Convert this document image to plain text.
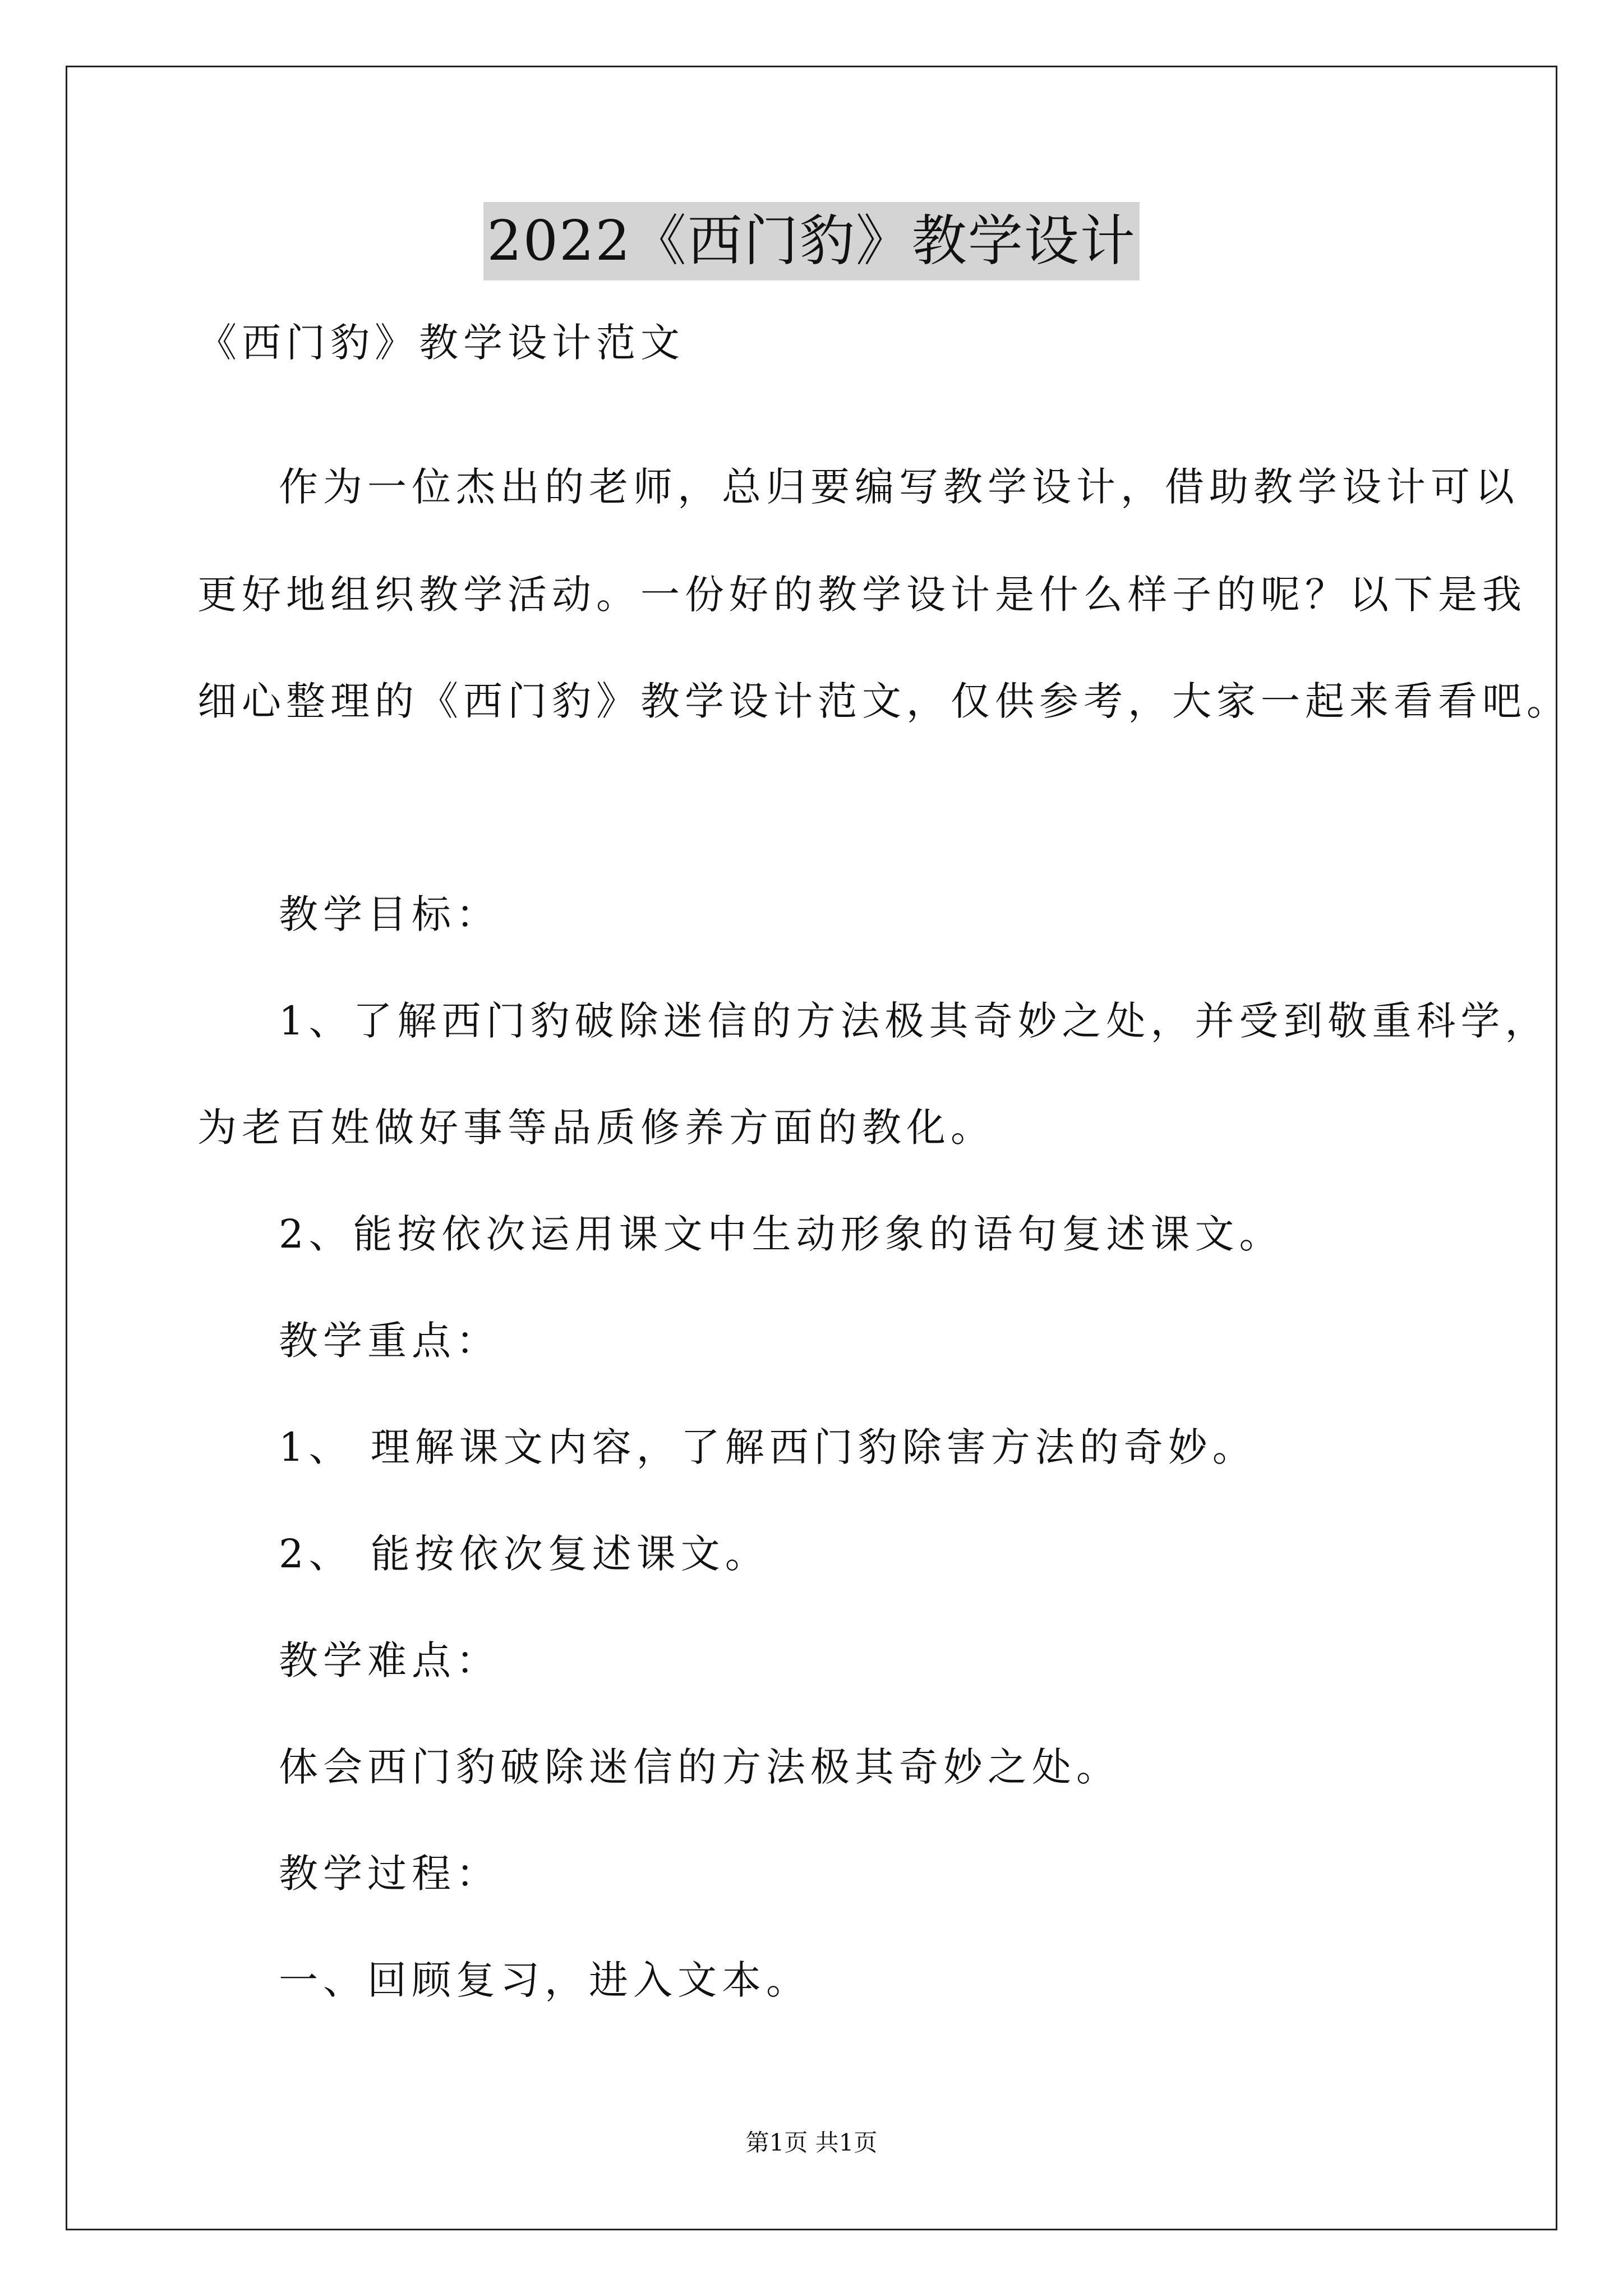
2022《西门豹》教学设计
《西门豹》教学设计范文
作为一位杰出的老师，总归要编写教学设计，借助教学设计可以
更好地组织教学活动。一份好的教学设计是什么样子的呢？以下是我
细心整理的《西门豹》教学设计范文，仅供参考，大家一起来看看吧。
教学目标：
1、了解西门豹破除迷信的方法极其奇妙之处，并受到敬重科学，
为老百姓做好事等品质修养方面的教化。
2、能按依次运用课文中生动形象的语句复述课文。
教学重点：
1、 理解课文内容，了解西门豹除害方法的奇妙。
2、 能按依次复述课文。
教学难点：
体会西门豹破除迷信的方法极其奇妙之处。
教学过程：
一、回顾复习，进入文本。
第1页 共1页
